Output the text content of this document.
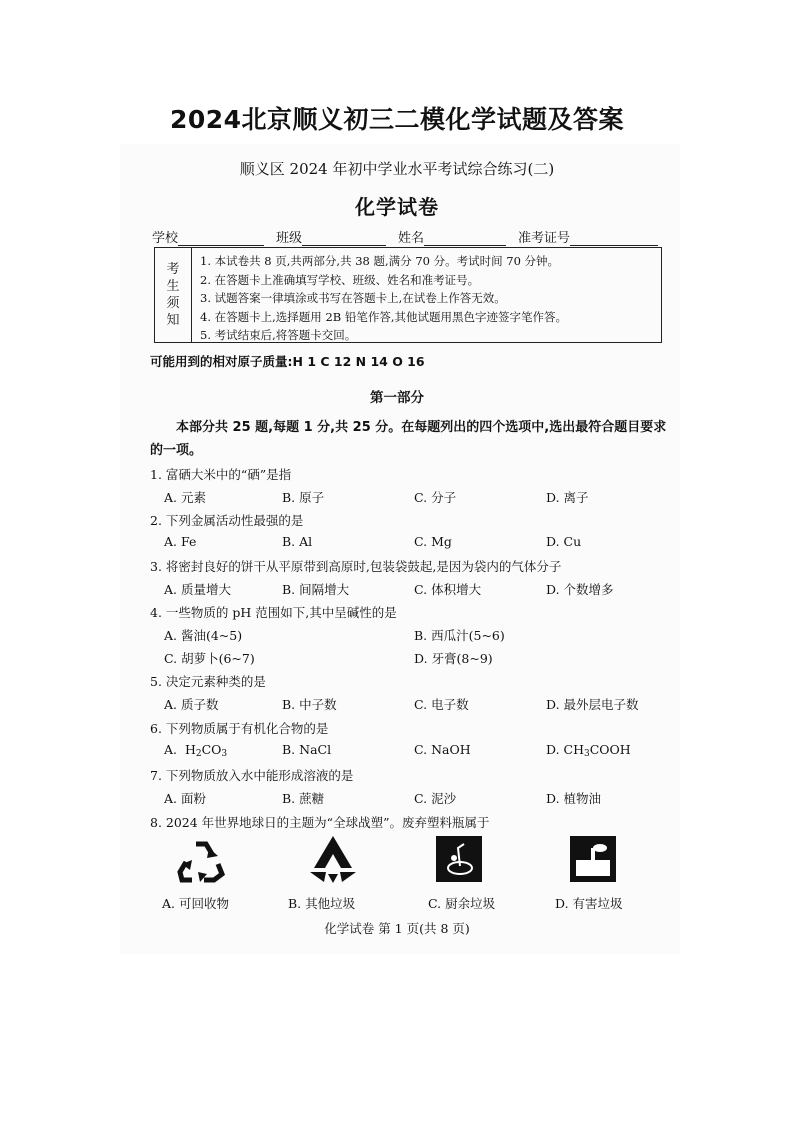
2024北京顺义初三二模化学试题及答案
顺义区 2024 年初中学业水平考试综合练习(二)
化学试卷
学校	班级	姓名	准考证号
考
生
须
知
1. 本试卷共 8 页,共两部分,共 38 题,满分 70 分。考试时间 70 分钟。
2. 在答题卡上准确填写学校、班级、姓名和准考证号。
3. 试题答案一律填涂或书写在答题卡上,在试卷上作答无效。
4. 在答题卡上,选择题用 2B 铅笔作答,其他试题用黑色字迹签字笔作答。
5. 考试结束后,将答题卡交回。
可能用到的相对原子质量:H 1 C 12 N 14 O 16
第一部分
本部分共 25 题,每题 1 分,共 25 分。在每题列出的四个选项中,选出最符合题目要求的一项。
1. 富硒大米中的“硒”是指
A. 元素	B. 原子	C. 分子	D. 离子
2. 下列金属活动性最强的是
A. Fe	B. Al	C. Mg	D. Cu
3. 将密封良好的饼干从平原带到高原时,包装袋鼓起,是因为袋内的气体分子
A. 质量增大	B. 间隔增大	C. 体积增大	D. 个数增多
4. 一些物质的 pH 范围如下,其中呈碱性的是
A. 酱油(4~5)	B. 西瓜汁(5~6)
C. 胡萝卜(6~7)	D. 牙膏(8~9)
5. 决定元素种类的是
A. 质子数	B. 中子数	C. 电子数	D. 最外层电子数
6. 下列物质属于有机化合物的是
A.  $H_2CO_3$	B. NaCl	C. NaOH	D. $CH_3COOH$
7. 下列物质放入水中能形成溶液的是
A. 面粉	B. 蔗糖	C. 泥沙	D. 植物油
8. 2024 年世界地球日的主题为“全球战塑”。废弃塑料瓶属于
A. 可回收物	B. 其他垃圾	C. 厨余垃圾	D. 有害垃圾
化学试卷 第 1 页(共 8 页)
